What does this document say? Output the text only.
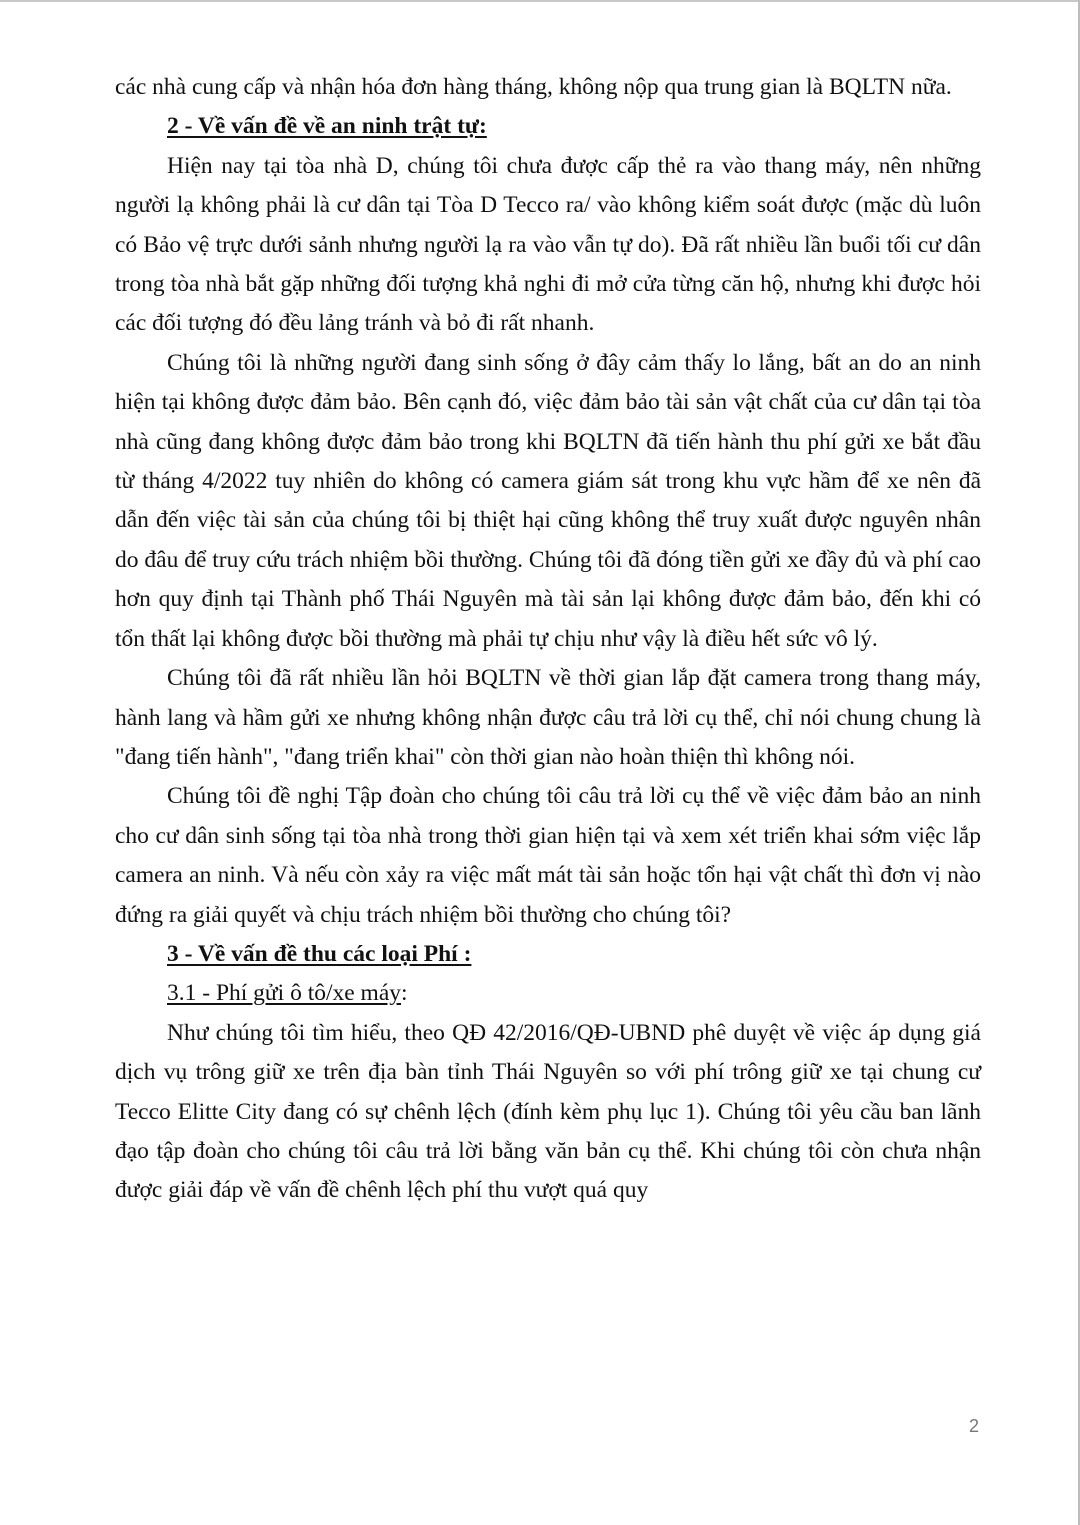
các nhà cung cấp và nhận hóa đơn hàng tháng, không nộp qua trung gian là BQLTN nữa.

2 - Về vấn đề về an ninh trật tự:

Hiện nay tại tòa nhà D, chúng tôi chưa được cấp thẻ ra vào thang máy, nên những người lạ không phải là cư dân tại Tòa D Tecco ra/ vào không kiểm soát được (mặc dù luôn có Bảo vệ trực dưới sảnh nhưng người lạ ra vào vẫn tự do). Đã rất nhiều lần buổi tối cư dân trong tòa nhà bắt gặp những đối tượng khả nghi đi mở cửa từng căn hộ, nhưng khi được hỏi các đối tượng đó đều lảng tránh và bỏ đi rất nhanh.

Chúng tôi là những người đang sinh sống ở đây cảm thấy lo lắng, bất an do an ninh hiện tại không được đảm bảo. Bên cạnh đó, việc đảm bảo tài sản vật chất của cư dân tại tòa nhà cũng đang không được đảm bảo trong khi BQLTN đã tiến hành thu phí gửi xe bắt đầu từ tháng 4/2022 tuy nhiên do không có camera giám sát trong khu vực hầm để xe nên đã dẫn đến việc tài sản của chúng tôi bị thiệt hại cũng không thể truy xuất được nguyên nhân do đâu để truy cứu trách nhiệm bồi thường. Chúng tôi đã đóng tiền gửi xe đầy đủ và phí cao hơn quy định tại Thành phố Thái Nguyên mà tài sản lại không được đảm bảo, đến khi có tổn thất lại không được bồi thường mà phải tự chịu như vậy là điều hết sức vô lý.

Chúng tôi đã rất nhiều lần hỏi BQLTN về thời gian lắp đặt camera trong thang máy, hành lang và hầm gửi xe nhưng không nhận được câu trả lời cụ thể, chỉ nói chung chung là "đang tiến hành", "đang triển khai" còn thời gian nào hoàn thiện thì không nói.

Chúng tôi đề nghị Tập đoàn cho chúng tôi câu trả lời cụ thể về việc đảm bảo an ninh cho cư dân sinh sống tại tòa nhà trong thời gian hiện tại và xem xét triển khai sớm việc lắp camera an ninh. Và nếu còn xảy ra việc mất mát tài sản hoặc tổn hại vật chất thì đơn vị nào đứng ra giải quyết và chịu trách nhiệm bồi thường cho chúng tôi?

3 - Về vấn đề thu các loại Phí :

3.1 - Phí gửi ô tô/xe máy:

Như chúng tôi tìm hiểu, theo QĐ 42/2016/QĐ-UBND phê duyệt về việc áp dụng giá dịch vụ trông giữ xe trên địa bàn tỉnh Thái Nguyên so với phí trông giữ xe tại chung cư Tecco Elitte City đang có sự chênh lệch (đính kèm phụ lục 1). Chúng tôi yêu cầu ban lãnh đạo tập đoàn cho chúng tôi câu trả lời bằng văn bản cụ thể. Khi chúng tôi còn chưa nhận được giải đáp về vấn đề chênh lệch phí thu vượt quá quy

2
